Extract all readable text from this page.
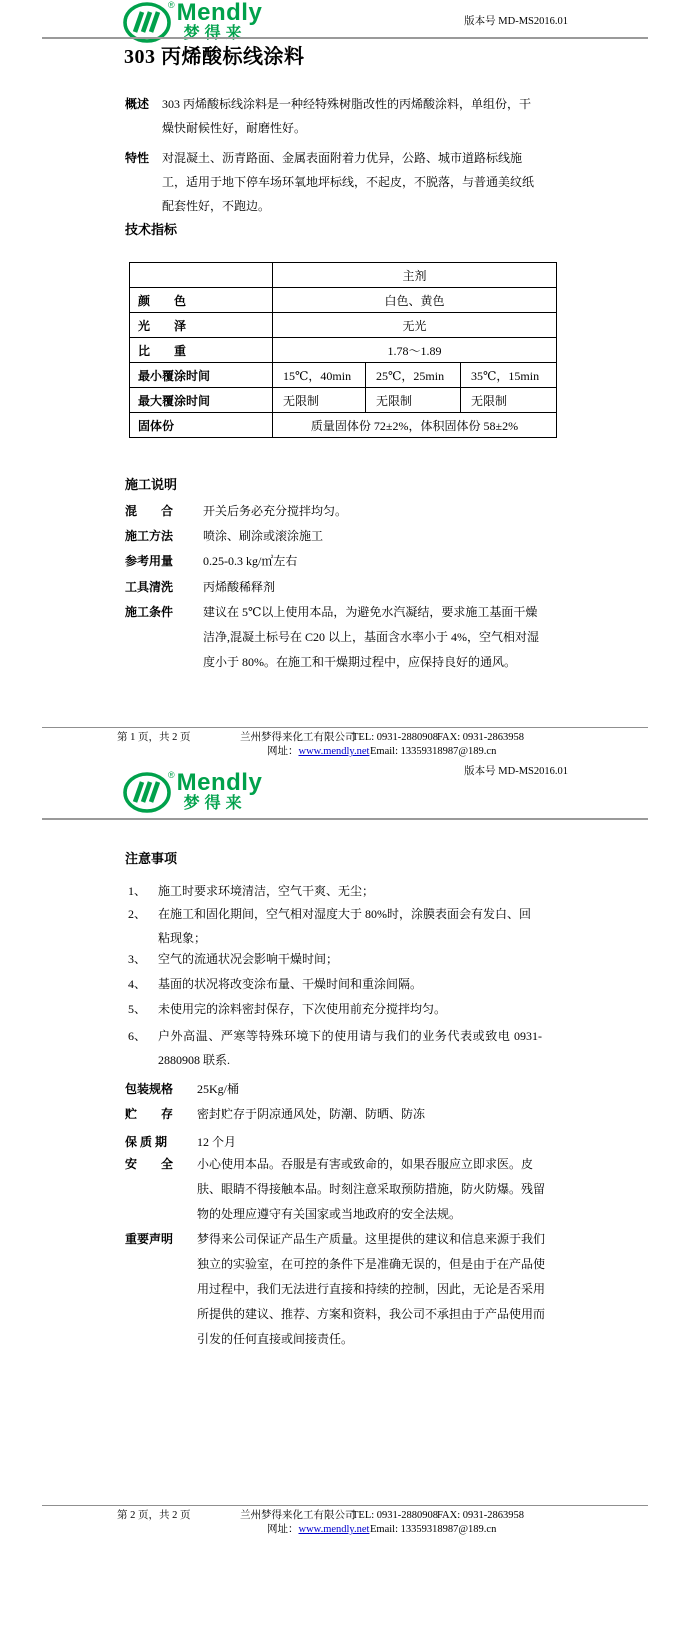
® Mendly
梦得来
版本号 MD-MS2016.01
303 丙烯酸标线涂料
概述	303 丙烯酸标线涂料是一种经特殊树脂改性的丙烯酸涂料，单组份，干燥快耐候性好，耐磨性好。
特性	对混凝土、沥青路面、金属表面附着力优异，公路、城市道路标线施工，适用于地下停车场环氧地坪标线，不起皮，不脱落，与普通美纹纸配套性好，不跑边。
技术指标
	主剂		
颜　　色	白色、黄色		
光　　泽	无光		
比　　重	1.78～1.89		
最小覆涂时间	15℃，40min	25℃，25min	35℃，15min
最大覆涂时间	无限制	无限制	无限制
固体份	质量固体份 72±2%，体积固体份 58±2%		
施工说明
混　　合	开关后务必充分搅拌均匀。
施工方法	喷涂、刷涂或滚涂施工
参考用量	0.25-0.3 kg/㎡左右
工具清洗	丙烯酸稀释剂
施工条件	建议在 5℃以上使用本品，为避免水汽凝结，要求施工基面干燥洁净,混凝土标号在 C20 以上，基面含水率小于 4%，空气相对湿度小于 80%。在施工和干燥期过程中，应保持良好的通风。
第 1 页，共 2 页	兰州梦得来化工有限公司
TEL: 0931-2880908
FAX: 0931-2863958
网址：www.mendly.net Email: 13359318987@189.cn
® Mendly
梦得来
版本号 MD-MS2016.01
注意事项
1、 施工时要求环境清洁，空气干爽、无尘；
2、 在施工和固化期间，空气相对湿度大于 80%时，涂膜表面会有发白、回粘现象；
3、 空气的流通状况会影响干燥时间；
4、 基面的状况将改变涂布量、干燥时间和重涂间隔。
5、 未使用完的涂料密封保存，下次使用前充分搅拌均匀。
6、 户外高温、严寒等特殊环境下的使用请与我们的业务代表或致电 0931-2880908 联系.
包装规格	25Kg/桶
贮　　存	密封贮存于阴凉通风处，防潮、防晒、防冻
保 质 期	12 个月
安　　全	小心使用本品。吞服是有害或致命的，如果吞服应立即求医。皮肤、眼睛不得接触本品。时刻注意采取预防措施，防火防爆。残留物的处理应遵守有关国家或当地政府的安全法规。
重要声明	梦得来公司保证产品生产质量。这里提供的建议和信息来源于我们独立的实验室，在可控的条件下是准确无误的，但是由于在产品使用过程中，我们无法进行直接和持续的控制，因此，无论是否采用所提供的建议、推荐、方案和资料，我公司不承担由于产品使用而引发的任何直接或间接责任。
第 2 页，共 2 页	兰州梦得来化工有限公司
TEL: 0931-2880908
FAX: 0931-2863958
网址：www.mendly.net Email: 13359318987@189.cn
